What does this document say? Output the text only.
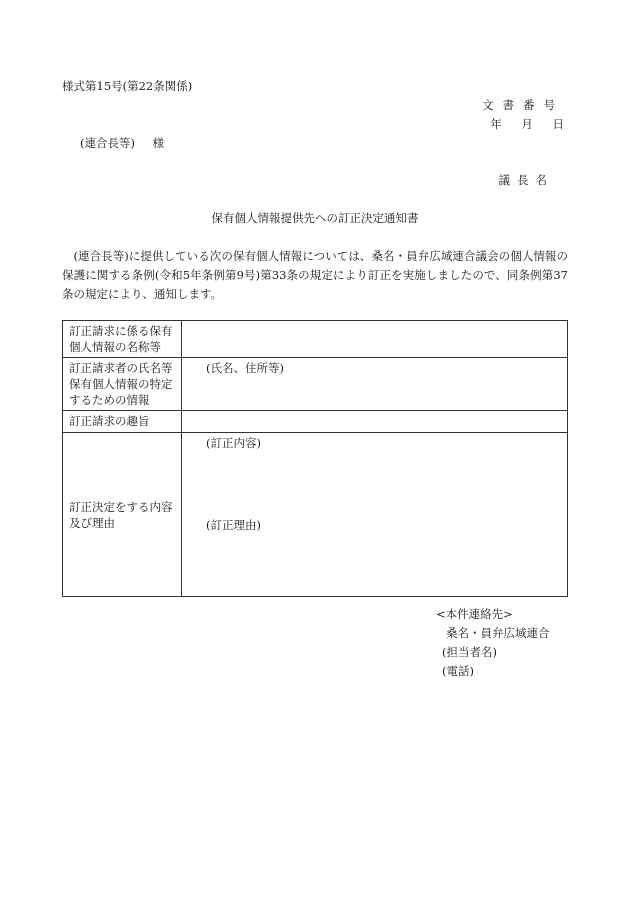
様式第15号(第22条関係)
文書番号
年 月 日
(連合長等) 様
議長名
保有個人情報提供先への訂正決定通知書
(連合長等)に提供している次の保有個人情報については、桑名・員弁広域連合議会の個人情報の保護に関する条例(令和5年条例第9号)第33条の規定により訂正を実施しましたので、同条例第37条の規定により、通知します。
訂正請求に係る保有個人情報の名称等	
訂正請求者の氏名等保有個人情報の特定するための情報	(氏名、住所等)
訂正請求の趣旨	
訂正決定をする内容及び理由	(訂正内容)
(訂正理由)
<本件連絡先>
桑名・員弁広域連合
(担当者名)
(電話)
